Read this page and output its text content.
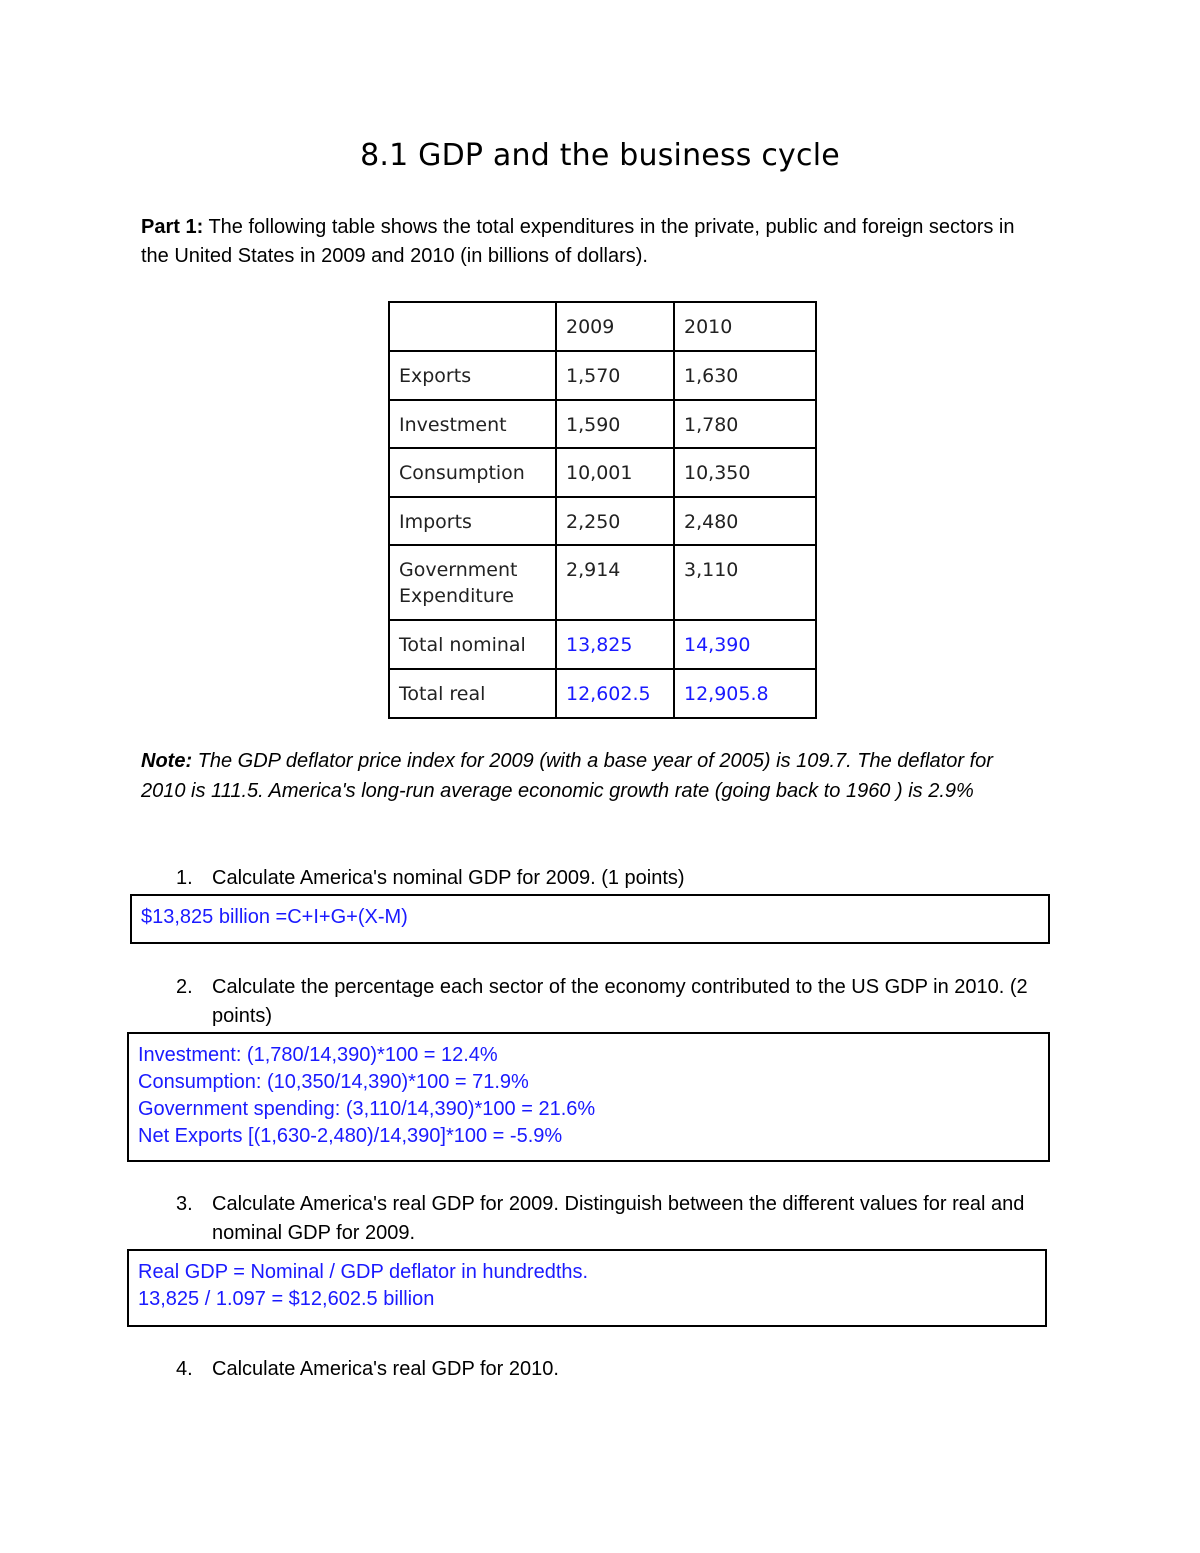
8.1 GDP and the business cycle
Part 1: The following table shows the total expenditures in the private, public and foreign sectors in the United States in 2009 and 2010 (in billions of dollars).
	2009	2010
Exports	1,570	1,630
Investment	1,590	1,780
Consumption	10,001	10,350
Imports	2,250	2,480
Government Expenditure	2,914	3,110
Total nominal	13,825	14,390
Total real	12,602.5	12,905.8
Note: The GDP deflator price index for 2009 (with a base year of 2005) is 109.7. The deflator for 2010 is 111.5. America's long-run average economic growth rate (going back to 1960 ) is 2.9%
1. Calculate America's nominal GDP for 2009. (1 points)
$13,825 billion =C+I+G+(X-M)
2. Calculate the percentage each sector of the economy contributed to the US GDP in 2010. (2 points)
Investment: (1,780/14,390)*100 = 12.4%
Consumption: (10,350/14,390)*100 = 71.9%
Government spending: (3,110/14,390)*100 = 21.6%
Net Exports [(1,630-2,480)/14,390]*100 = -5.9%
3. Calculate America's real GDP for 2009. Distinguish between the different values for real and nominal GDP for 2009.
Real GDP = Nominal / GDP deflator in hundredths.
13,825 / 1.097 = $12,602.5 billion
4. Calculate America's real GDP for 2010.
